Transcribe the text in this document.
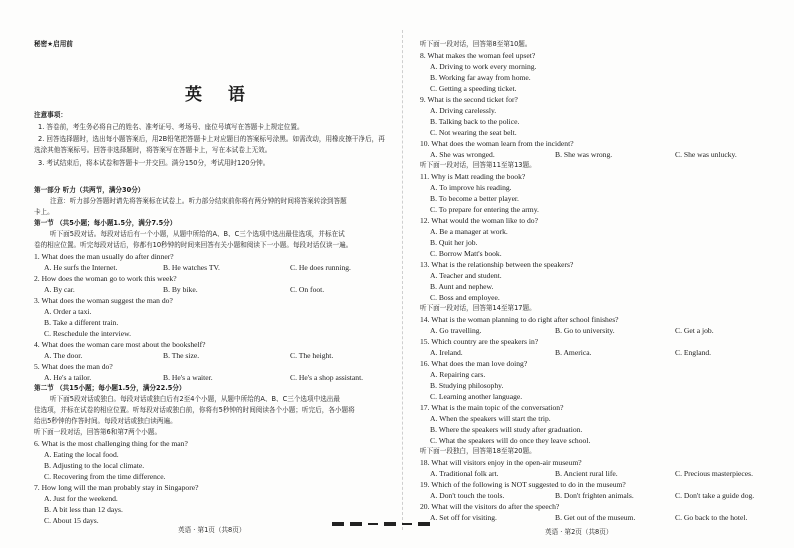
秘密★启用前
英 语
注意事项：
1. 答卷前，考生务必将自己的姓名、准考证号、考场号、座位号填写在答题卡上规定位置。
2. 回答选择题时，选出每小题答案后，用2B铅笔把答题卡上对应题目的答案标号涂黑。如需改动，用橡皮擦干净后，再
选涂其他答案标号。回答非选择题时，将答案写在答题卡上，写在本试卷上无效。
3. 考试结束后，将本试卷和答题卡一并交回。满分150分，考试用时120分钟。
第一部分 听力（共两节，满分30分）
注意：听力部分答题时请先将答案标在试卷上。听力部分结束前你将有两分钟的时间将答案转涂到答题
卡上。
第一节 （共5小题；每小题1.5分，满分7.5分）
听下面5段对话。每段对话后有一个小题，从题中所给的A、B、C三个选项中选出最佳选项，并标在试
卷的相应位置。听完每段对话后，你都有10秒钟的时间来回答有关小题和阅读下一小题。每段对话仅读一遍。
1. What does the man usually do after dinner?
A. He surfs the Internet.	B. He watches TV.	C. He does running.
2. How does the woman go to work this week?
A. By car.	B. By bike.	C. On foot.
3. What does the woman suggest the man do?
A. Order a taxi.
B. Take a different train.
C. Reschedule the interview.
4. What does the woman care most about the bookshelf?
A. The door.	B. The size.	C. The height.
5. What does the man do?
A. He's a tailor.	B. He's a waiter.	C. He's a shop assistant.
第二节 （共15小题；每小题1.5分，满分22.5分）
听下面5段对话或独白。每段对话或独白后有2至4个小题，从题中所给的A、B、C三个选项中选出最
佳选项，并标在试卷的相应位置。听每段对话或独白前，你将有5秒钟的时间阅读各个小题；听完后，各小题将
给出5秒钟的作答时间。每段对话或独白读两遍。
听下面一段对话，回答第6和第7两个小题。
6. What is the most challenging thing for the man?
A. Eating the local food.
B. Adjusting to the local climate.
C. Recovering from the time difference.
7. How long will the man probably stay in Singapore?
A. Just for the weekend.
B. A bit less than 12 days.
C. About 15 days.
英语 · 第1页（共8页）
听下面一段对话，回答第8至第10题。
8. What makes the woman feel upset?
A. Driving to work every morning.
B. Working far away from home.
C. Getting a speeding ticket.
9. What is the second ticket for?
A. Driving carelessly.
B. Talking back to the police.
C. Not wearing the seat belt.
10. What does the woman learn from the incident?
A. She was wronged.	B. She was wrong.	C. She was unlucky.
听下面一段对话，回答第11至第13题。
11. Why is Matt reading the book?
A. To improve his reading.
B. To become a better player.
C. To prepare for entering the army.
12. What would the woman like to do?
A. Be a manager at work.
B. Quit her job.
C. Borrow Matt's book.
13. What is the relationship between the speakers?
A. Teacher and student.
B. Aunt and nephew.
C. Boss and employee.
听下面一段对话，回答第14至第17题。
14. What is the woman planning to do right after school finishes?
A. Go travelling.	B. Go to university.	C. Get a job.
15. Which country are the speakers in?
A. Ireland.	B. America.	C. England.
16. What does the man love doing?
A. Repairing cars.
B. Studying philosophy.
C. Learning another language.
17. What is the main topic of the conversation?
A. When the speakers will start the trip.
B. Where the speakers will study after graduation.
C. What the speakers will do once they leave school.
听下面一段独白，回答第18至第20题。
18. What will visitors enjoy in the open-air museum?
A. Traditional folk art.	B. Ancient rural life.	C. Precious masterpieces.
19. Which of the following is NOT suggested to do in the museum?
A. Don't touch the tools.	B. Don't frighten animals.	C. Don't take a guide dog.
20. What will the visitors do after the speech?
A. Set off for visiting.	B. Get out of the museum.	C. Go back to the hotel.
英语 · 第2页（共8页）
